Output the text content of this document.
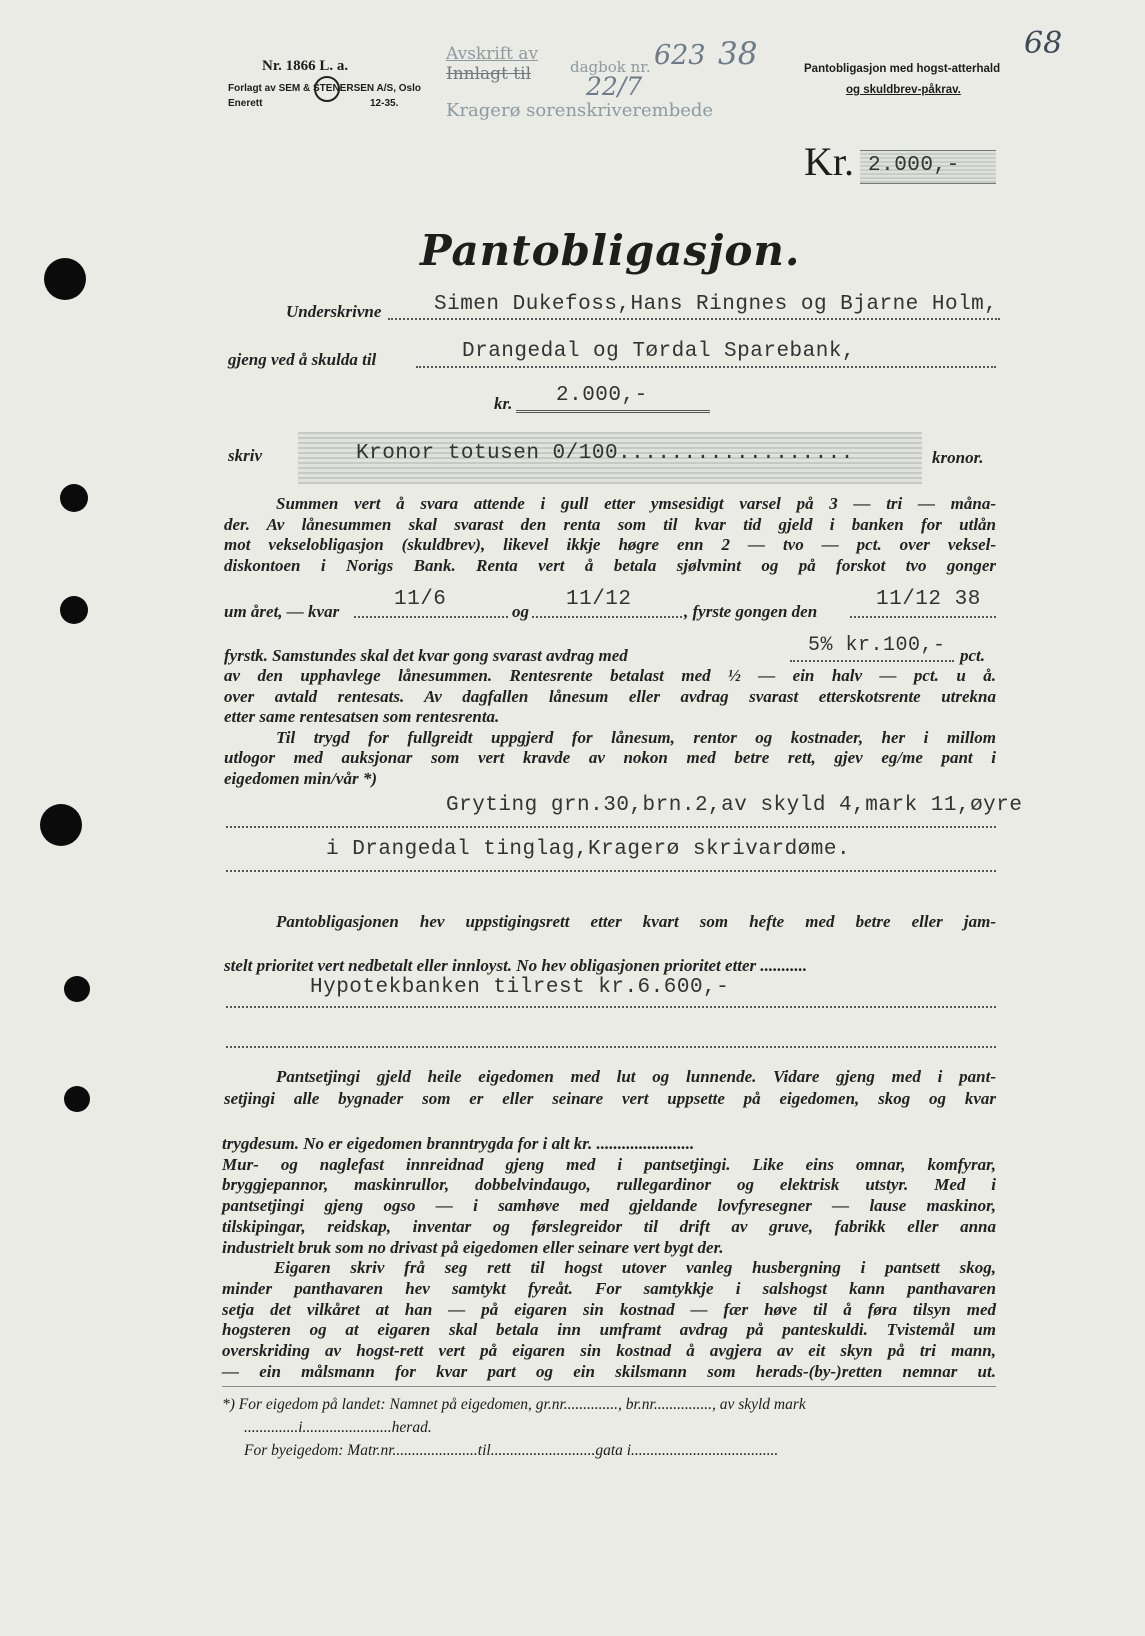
Nr. 1866 L. a.
Forlagt av SEM & STENERSEN A/S, Oslo
Enerett	12-35.
Avskrift av
dagbok nr.
Innlagt til
Kragerø sorenskriverembede
623 38
22/7
Pantobligasjon med hogst-atterhald
og skuldbrev-påkrav.
68
Kr. 2.000,-
Pantobligasjon.
Underskrivne	Simen Dukefoss,Hans Ringnes og Bjarne Holm,
gjeng ved å skulda til	Drangedal og Tørdal Sparebank,
kr. 2.000,-
skriv	Kronor totusen 0/100..................	kronor.
Summen vert å svara attende i gull etter ymsesidigt varsel på 3 — tri — måna-
der. Av lånesummen skal svarast den renta som til kvar tid gjeld i banken for utlån
mot vekselobligasjon (skuldbrev), likevel ikkje høgre enn 2 — tvo — pct. over veksel-
diskontoen i Norigs Bank. Renta vert å betala sjølvmint og på forskot tvo gonger
um året, — kvar
11/6
og
11/12
, fyrste gongen den
11/12 38
fyrstk. Samstundes skal det kvar gong svarast avdrag med	5% kr.100,- pct.
av den upphavlege lånesummen. Rentesrente betalast med ½ — ein halv — pct. u å.
over avtald rentesats. Av dagfallen lånesum eller avdrag svarast etterskotsrente utrekna
etter same rentesatsen som rentesrenta.
Til trygd for fullgreidt uppgjerd for lånesum, rentor og kostnader, her i millom
utlogor med auksjonar som vert kravde av nokon med betre rett, gjev eg/me pant i
eigedomen min/vår *)
Gryting grn.30,brn.2,av skyld 4,mark 11,øyre
i Drangedal tinglag,Kragerø skrivardøme.
Pantobligasjonen hev uppstigingsrett etter kvart som hefte med betre eller jam-
stelt prioritet vert nedbetalt eller innloyst. No hev obligasjonen prioritet etter ...........
Hypotekbanken tilrest kr.6.600,-
Pantsetjingi gjeld heile eigedomen med lut og lunnende. Vidare gjeng med i pant-
setjingi alle bygnader som er eller seinare vert uppsette på eigedomen, skog og kvar
trygdesum. No er eigedomen branntrygda for i alt kr. .......................
Mur- og naglefast innreidnad gjeng med i pantsetjingi. Like eins omnar, komfyrar,
bryggjepannor, maskinrullor, dobbelvindaugo, rullegardinor og elektrisk utstyr. Med i
pantsetjingi gjeng ogso — i samhøve med gjeldande lovfyresegner — lause maskinor,
tilskipingar, reidskap, inventar og førslegreidor til drift av gruve, fabrikk eller anna
industrielt bruk som no drivast på eigedomen eller seinare vert bygt der.
Eigaren skriv frå seg rett til hogst utover vanleg husbergning i pantsett skog,
minder panthavaren hev samtykt fyreåt. For samtykkje i salshogst kann panthavaren
setja det vilkåret at han — på eigaren sin kostnad — fær høve til å føra tilsyn med
hogsteren og at eigaren skal betala inn umframt avdrag på panteskuldi. Tvistemål um
overskriding av hogst-rett vert på eigaren sin kostnad å avgjera av eit skyn på tri mann,
— ein målsmann for kvar part og ein skilsmann som herads-(by-)retten nemnar ut.
*) For eigedom på landet: Namnet på eigedomen, gr.nr.............., br.nr..............., av skyld mark
..............i.......................herad.
For byeigedom: Matr.nr......................til...........................gata i......................................
